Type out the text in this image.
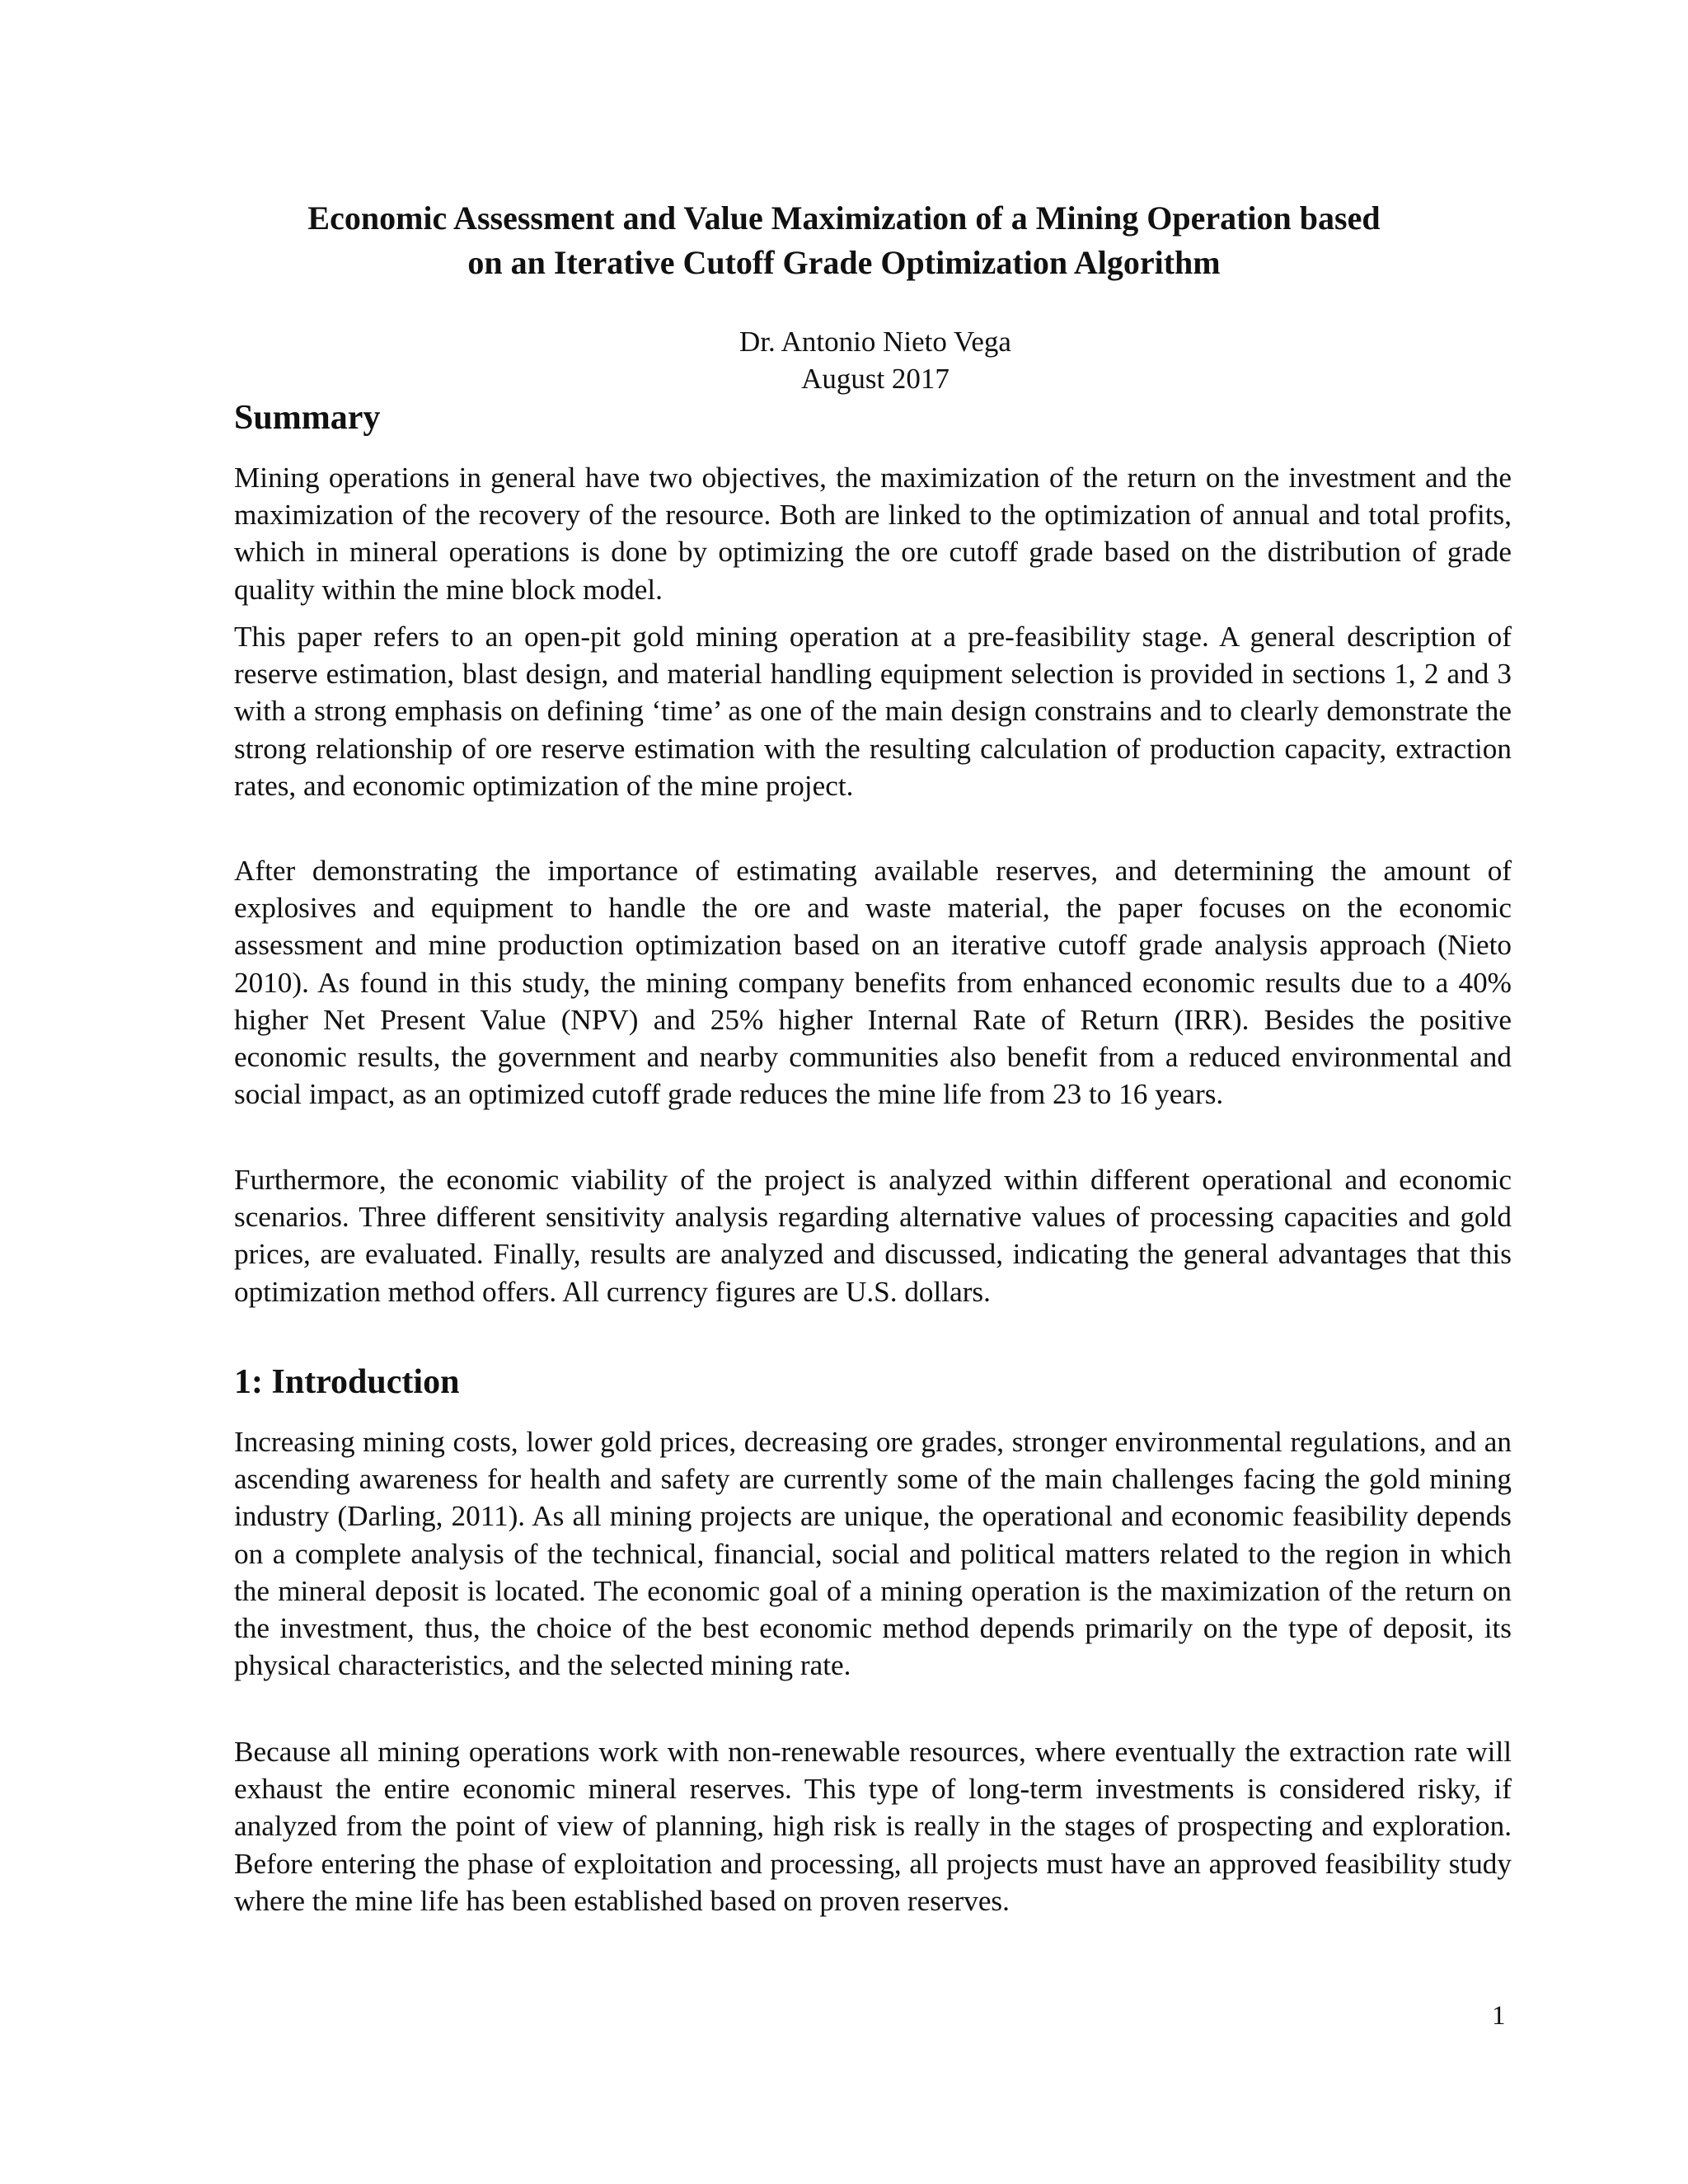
Economic Assessment and Value Maximization of a Mining Operation based
on an Iterative Cutoff Grade Optimization Algorithm
Dr. Antonio Nieto Vega
August 2017
Summary

Mining operations in general have two objectives, the maximization of the return on the investment and the maximization of the recovery of the resource. Both are linked to the optimization of annual and total profits, which in mineral operations is done by optimizing the ore cutoff grade based on the distribution of grade quality within the mine block model.

This paper refers to an open-pit gold mining operation at a pre-feasibility stage. A general description of reserve estimation, blast design, and material handling equipment selection is provided in sections 1, 2 and 3 with a strong emphasis on defining ‘time’ as one of the main design constrains and to clearly demonstrate the strong relationship of ore reserve estimation with the resulting calculation of production capacity, extraction rates, and economic optimization of the mine project.

After demonstrating the importance of estimating available reserves, and determining the amount of explosives and equipment to handle the ore and waste material, the paper focuses on the economic assessment and mine production optimization based on an iterative cutoff grade analysis approach (Nieto 2010). As found in this study, the mining company benefits from enhanced economic results due to a 40% higher Net Present Value (NPV) and 25% higher Internal Rate of Return (IRR). Besides the positive economic results, the government and nearby communities also benefit from a reduced environmental and social impact, as an optimized cutoff grade reduces the mine life from 23 to 16 years.

Furthermore, the economic viability of the project is analyzed within different operational and economic scenarios. Three different sensitivity analysis regarding alternative values of processing capacities and gold prices, are evaluated. Finally, results are analyzed and discussed, indicating the general advantages that this optimization method offers. All currency figures are U.S. dollars.

1: Introduction

Increasing mining costs, lower gold prices, decreasing ore grades, stronger environmental regulations, and an ascending awareness for health and safety are currently some of the main challenges facing the gold mining industry (Darling, 2011). As all mining projects are unique, the operational and economic feasibility depends on a complete analysis of the technical, financial, social and political matters related to the region in which the mineral deposit is located. The economic goal of a mining operation is the maximization of the return on the investment, thus, the choice of the best economic method depends primarily on the type of deposit, its physical characteristics, and the selected mining rate.

Because all mining operations work with non-renewable resources, where eventually the extraction rate will exhaust the entire economic mineral reserves. This type of long-term investments is considered risky, if analyzed from the point of view of planning, high risk is really in the stages of prospecting and exploration. Before entering the phase of exploitation and processing, all projects must have an approved feasibility study where the mine life has been established based on proven reserves.

1
